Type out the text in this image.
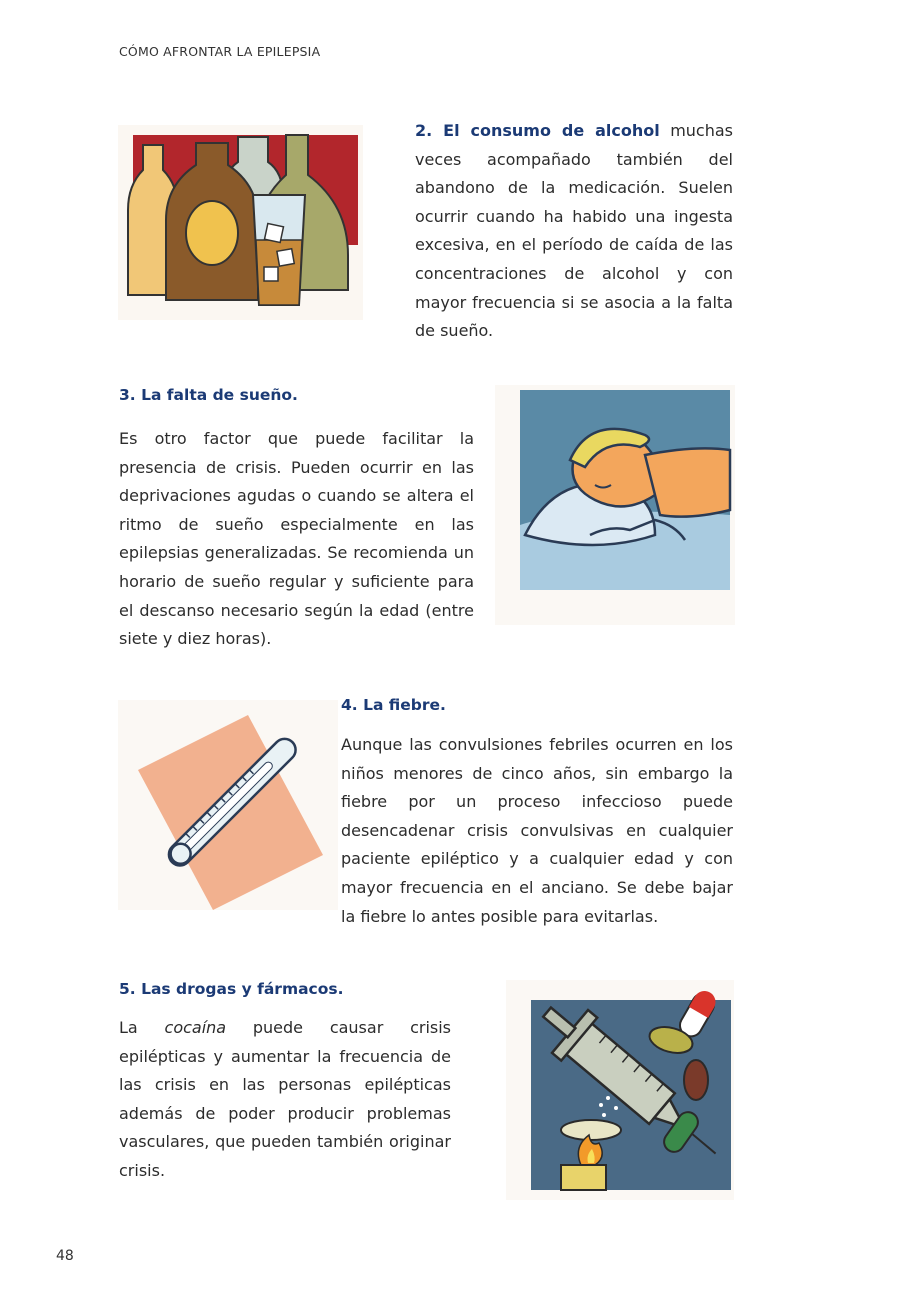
CÓMO AFRONTAR LA EPILEPSIA

2. El consumo de alcohol muchas veces acompañado también del abandono de la medicación. Suelen ocurrir cuando ha habido una ingesta excesiva, en el período de caída de las concentraciones de alcohol y con mayor frecuencia si se asocia a la falta de sueño.

3. La falta de sueño.

Es otro factor que puede facilitar la presencia de crisis. Pueden ocurrir en las deprivaciones agudas o cuando se altera el ritmo de sueño especialmente en las epilepsias generalizadas. Se recomienda un horario de sueño regular y suficiente para el descanso necesario según la edad (entre siete y diez horas).

4. La fiebre.

Aunque las convulsiones febriles ocurren en los niños menores de cinco años, sin embargo la fiebre por un proceso infeccioso puede desencadenar crisis convulsivas en cualquier paciente epiléptico y a cualquier edad y con mayor frecuencia en el anciano. Se debe bajar la fiebre lo antes posible para evitarlas.

5. Las drogas y fármacos.

La cocaína puede causar crisis epilépticas y aumentar la frecuencia de las crisis en las personas epilépticas además de poder producir problemas vasculares, que pueden también originar crisis.

48
